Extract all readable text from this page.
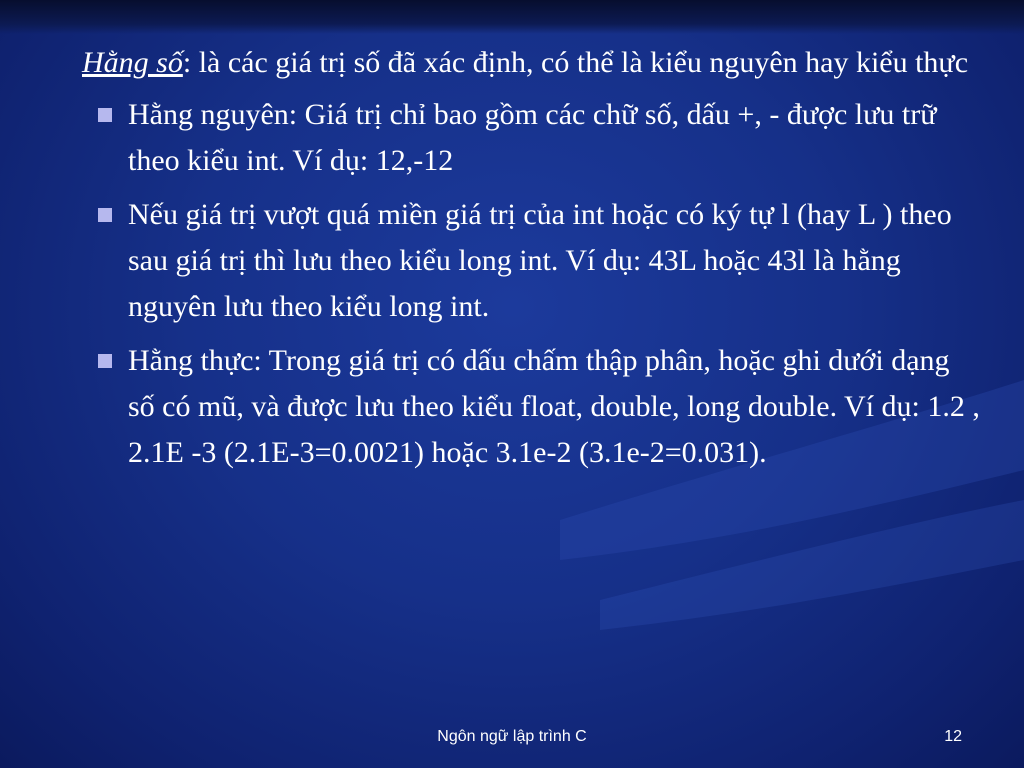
Hằng số: là các giá trị số đã xác định, có thể là kiểu nguyên hay kiểu thực

Hằng nguyên: Giá trị chỉ bao gồm các chữ số, dấu +, - được lưu trữ theo kiểu int. Ví dụ: 12,-12
Nếu giá trị vượt quá miền giá trị của int hoặc có ký tự l (hay L ) theo sau giá trị thì lưu theo kiểu long int. Ví dụ: 43L hoặc 43l là hằng nguyên lưu theo kiểu long int.
Hằng thực: Trong giá trị có dấu chấm thập phân, hoặc ghi dưới dạng số có mũ, và được lưu theo kiểu float, double, long double. Ví dụ: 1.2 , 2.1E -3 (2.1E-3=0.0021) hoặc 3.1e-2 (3.1e-2=0.031).
Ngôn ngữ lập trình C	12
